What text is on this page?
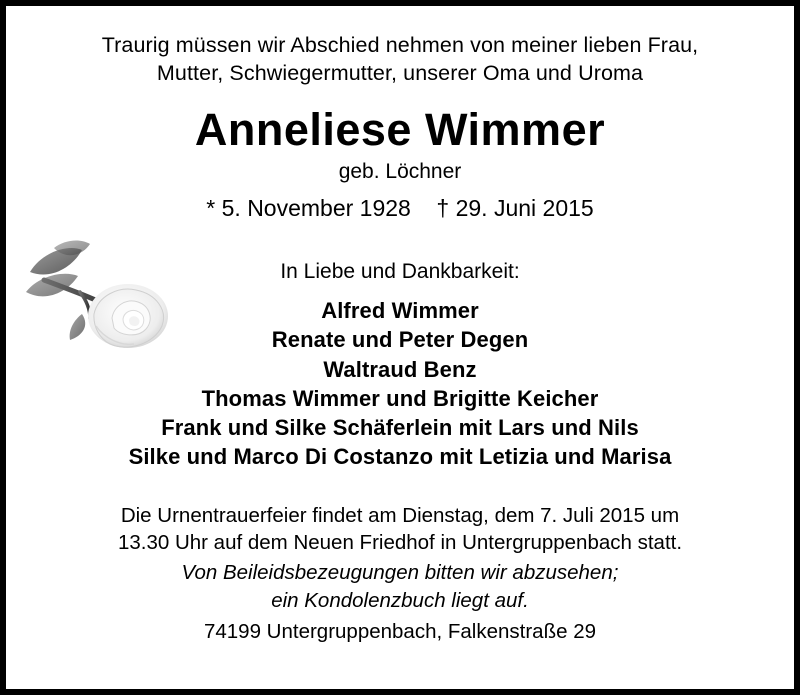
Traurig müssen wir Abschied nehmen von meiner lieben Frau,
Mutter, Schwiegermutter, unserer Oma und Uroma
Anneliese Wimmer
geb. Löchner
* 5. November 1928    † 29. Juni 2015
In Liebe und Dankbarkeit:
Alfred Wimmer
Renate und Peter Degen
Waltraud Benz
Thomas Wimmer und Brigitte Keicher
Frank und Silke Schäferlein mit Lars und Nils
Silke und Marco Di Costanzo mit Letizia und Marisa
Die Urnentrauerfeier findet am Dienstag, dem 7. Juli 2015 um
13.30 Uhr auf dem Neuen Friedhof in Untergruppenbach statt.
Von Beileidsbezeugungen bitten wir abzusehen;
ein Kondolenzbuch liegt auf.
74199 Untergruppenbach, Falkenstraße 29
